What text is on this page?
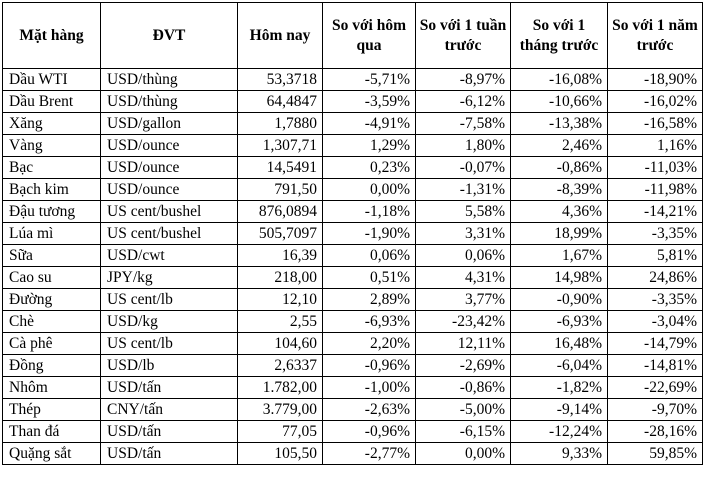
Mặt hàng	ĐVT	Hôm nay	So với hôm qua	So với 1 tuần trước	So với 1 tháng trước	So với 1 năm trước
Dầu WTI	USD/thùng	53,3718	-5,71%	-8,97%	-16,08%	-18,90%
Dầu Brent	USD/thùng	64,4847	-3,59%	-6,12%	-10,66%	-16,02%
Xăng	USD/gallon	1,7880	-4,91%	-7,58%	-13,38%	-16,58%
Vàng	USD/ounce	1,307,71	1,29%	1,80%	2,46%	1,16%
Bạc	USD/ounce	14,5491	0,23%	-0,07%	-0,86%	-11,03%
Bạch kim	USD/ounce	791,50	0,00%	-1,31%	-8,39%	-11,98%
Đậu tương	US cent/bushel	876,0894	-1,18%	5,58%	4,36%	-14,21%
Lúa mì	US cent/bushel	505,7097	-1,90%	3,31%	18,99%	-3,35%
Sữa	USD/cwt	16,39	0,06%	0,06%	1,67%	5,81%
Cao su	JPY/kg	218,00	0,51%	4,31%	14,98%	24,86%
Đường	US cent/lb	12,10	2,89%	3,77%	-0,90%	-3,35%
Chè	USD/kg	2,55	-6,93%	-23,42%	-6,93%	-3,04%
Cà phê	US cent/lb	104,60	2,20%	12,11%	16,48%	-14,79%
Đồng	USD/lb	2,6337	-0,96%	-2,69%	-6,04%	-14,81%
Nhôm	USD/tấn	1.782,00	-1,00%	-0,86%	-1,82%	-22,69%
Thép	CNY/tấn	3.779,00	-2,63%	-5,00%	-9,14%	-9,70%
Than đá	USD/tấn	77,05	-0,96%	-6,15%	-12,24%	-28,16%
Quặng sắt	USD/tấn	105,50	-2,77%	0,00%	9,33%	59,85%
